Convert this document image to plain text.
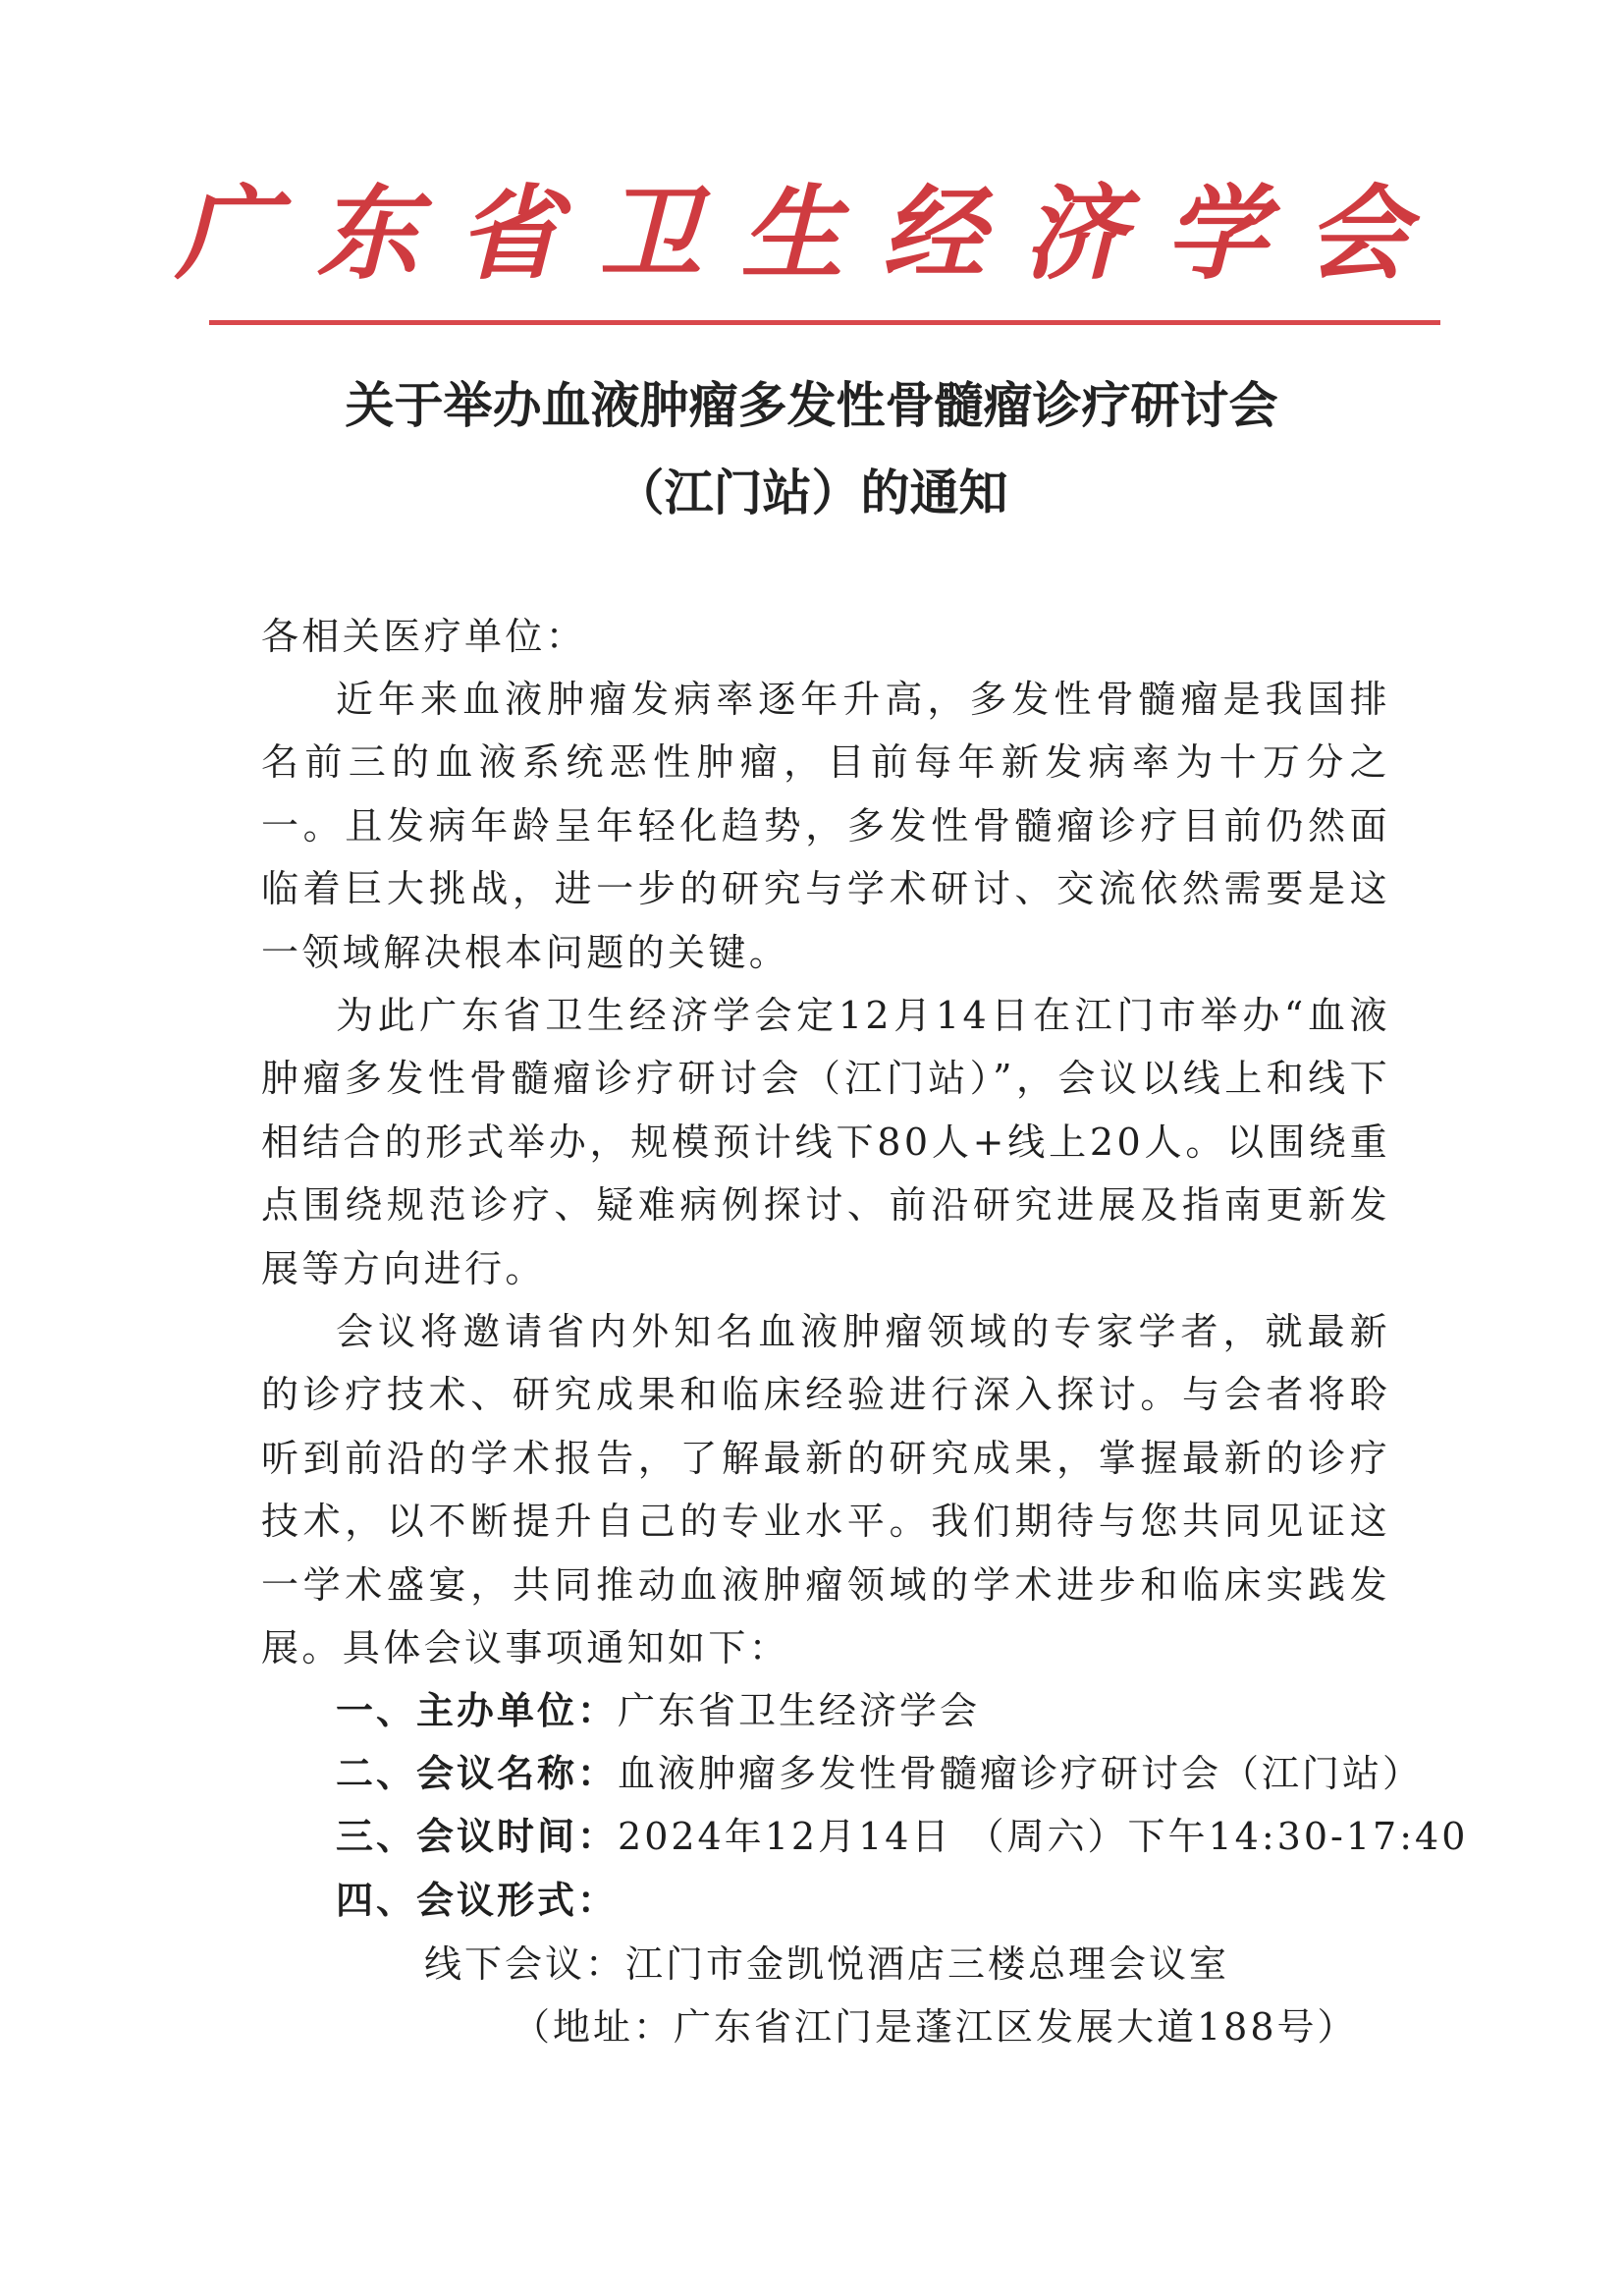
广东省卫生经济学会
关于举办血液肿瘤多发性骨髓瘤诊疗研讨会
（江门站）的通知
各相关医疗单位：
近年来血液肿瘤发病率逐年升高，多发性骨髓瘤是我国排名前三的血液系统恶性肿瘤，目前每年新发病率为十万分之一。且发病年龄呈年轻化趋势，多发性骨髓瘤诊疗目前仍然面临着巨大挑战，进一步的研究与学术研讨、交流依然需要是这一领域解决根本问题的关键。
为此广东省卫生经济学会定12月14日在江门市举办“血液肿瘤多发性骨髓瘤诊疗研讨会（江门站）”，会议以线上和线下相结合的形式举办，规模预计线下80人+线上20人。以围绕重点围绕规范诊疗、疑难病例探讨、前沿研究进展及指南更新发展等方向进行。
会议将邀请省内外知名血液肿瘤领域的专家学者，就最新的诊疗技术、研究成果和临床经验进行深入探讨。与会者将聆听到前沿的学术报告，了解最新的研究成果，掌握最新的诊疗技术，以不断提升自己的专业水平。我们期待与您共同见证这一学术盛宴，共同推动血液肿瘤领域的学术进步和临床实践发展。具体会议事项通知如下：
一、主办单位：广东省卫生经济学会
二、会议名称：血液肿瘤多发性骨髓瘤诊疗研讨会（江门站）
三、会议时间：2024年12月14日 （周六）下午14:30-17:40
四、会议形式：
线下会议：江门市金凯悦酒店三楼总理会议室
（地址：广东省江门是蓬江区发展大道188号）
